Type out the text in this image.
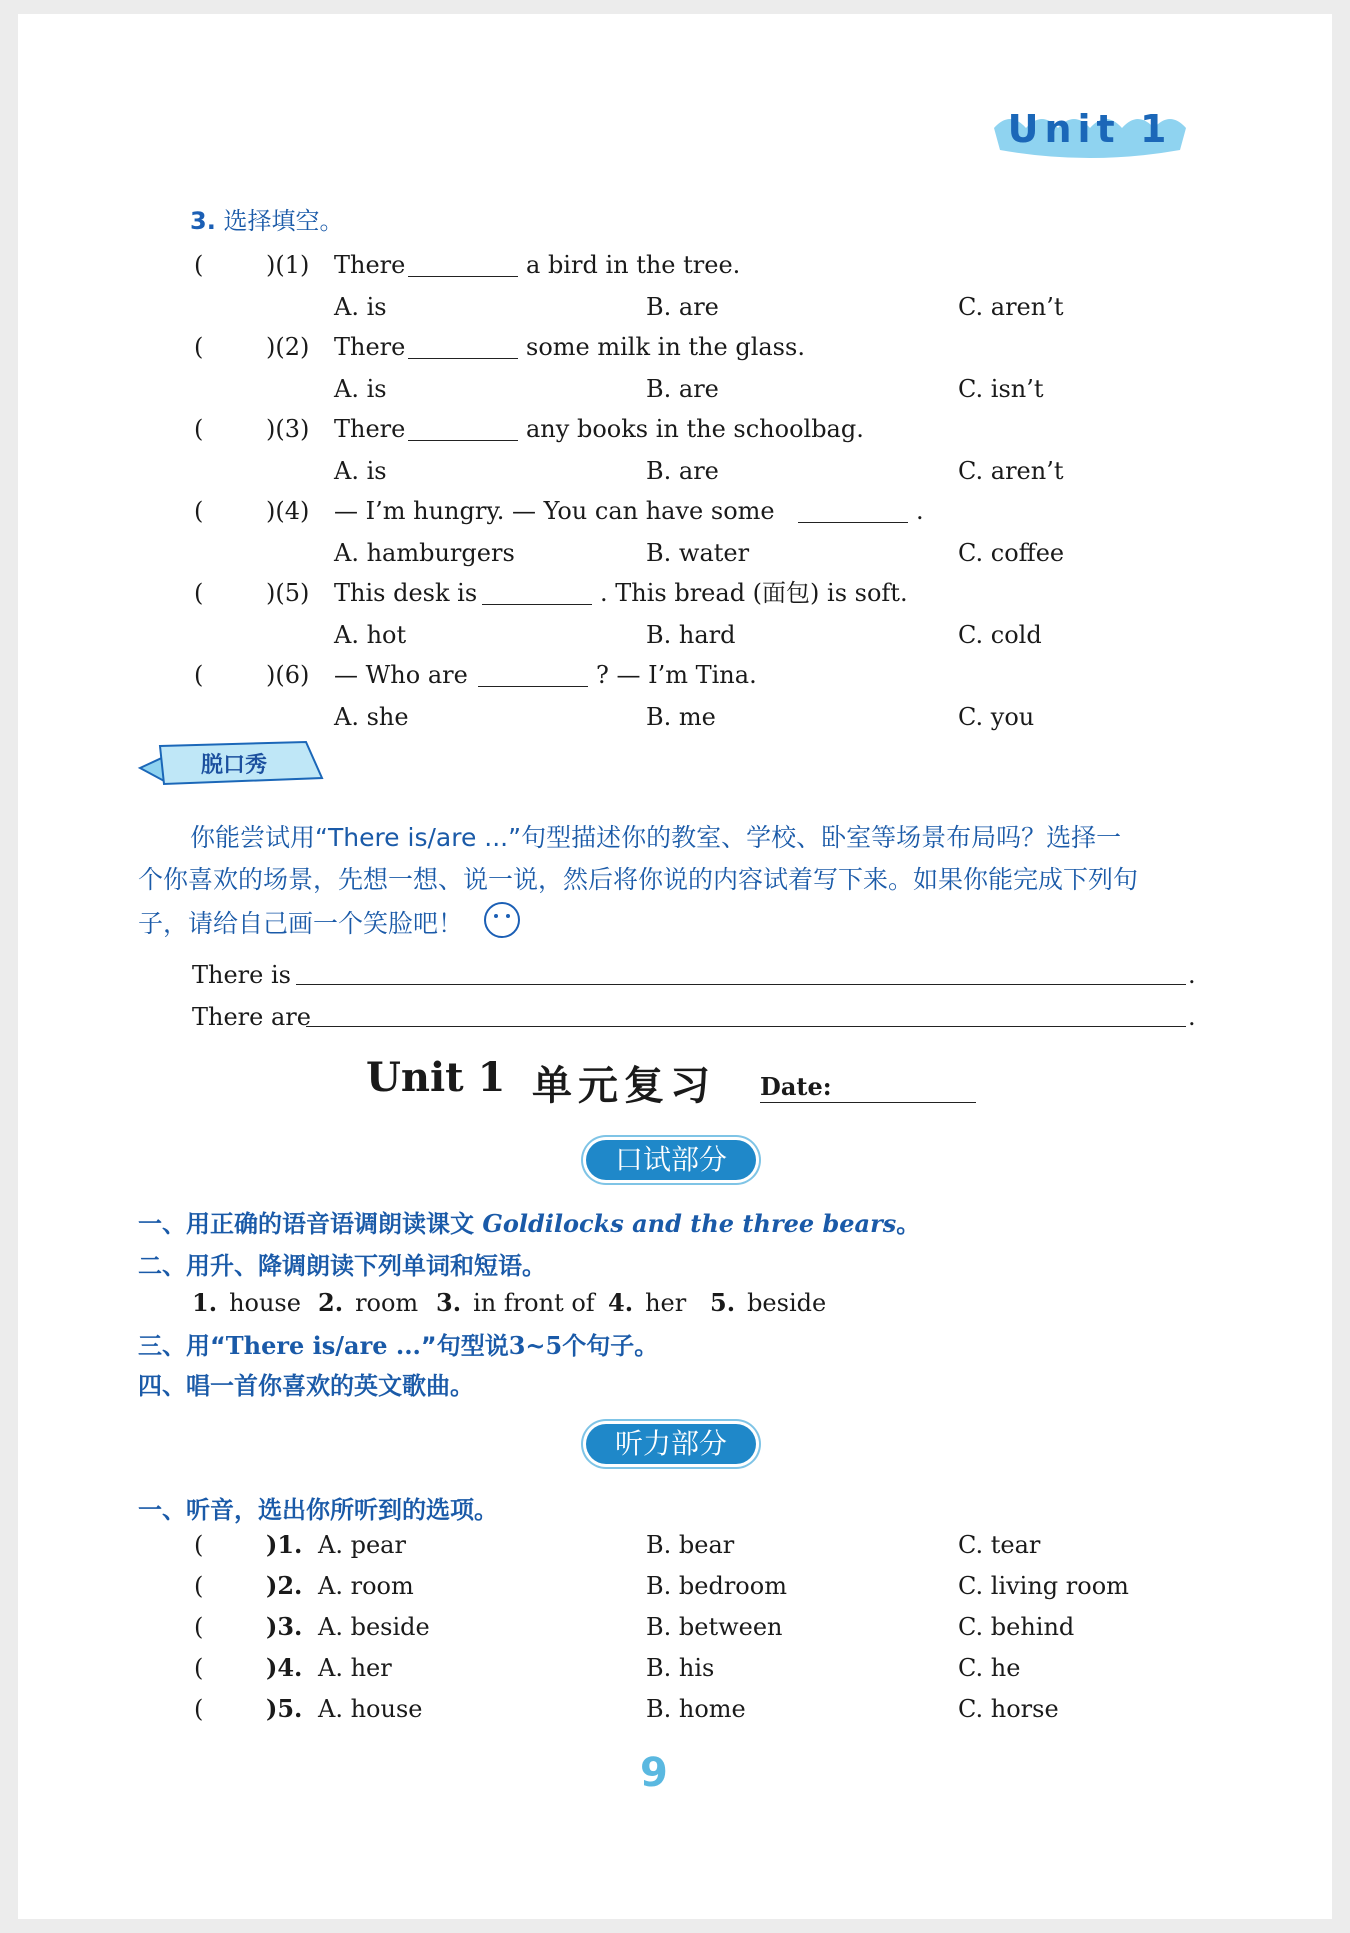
Unit 1
3. 选择填空。
(	)(1) There	a bird in the tree.
A. is	B. are	C. aren’t
(	)(2) There	some milk in the glass.
A. is	B. are	C. isn’t
(	)(3) There	any books in the schoolbag.
A. is	B. are	C. aren’t
(	)(4) — I’m hungry. — You can have some	.
A. hamburgers	B. water	C. coffee
(	)(5) This desk is	. This bread (面包) is soft.
A. hot	B. hard	C. cold
(	)(6) — Who are	? — I’m Tina.
A. she	B. me	C. you
脱口秀
你能尝试用“There is/are ...”句型描述你的教室、学校、卧室等场景布局吗？选择一
个你喜欢的场景，先想一想、说一说，然后将你说的内容试着写下来。如果你能完成下列句
子，请给自己画一个笑脸吧！
There is	.
There are	.
Unit 1 单元复习 Date:
口试部分
一、用正确的语音语调朗读课文 Goldilocks and the three bears。
二、用升、降调朗读下列单词和短语。
1. house 2. room 3. in front of 4. her 5. beside
三、用“There is/are ...”句型说3~5个句子。
四、唱一首你喜欢的英文歌曲。
听力部分
一、听音，选出你所听到的选项。
(	)1. A. pear	B. bear	C. tear
(	)2. A. room	B. bedroom	C. living room
(	)3. A. beside	B. between	C. behind
(	)4. A. her	B. his	C. he
(	)5. A. house	B. home	C. horse
9
